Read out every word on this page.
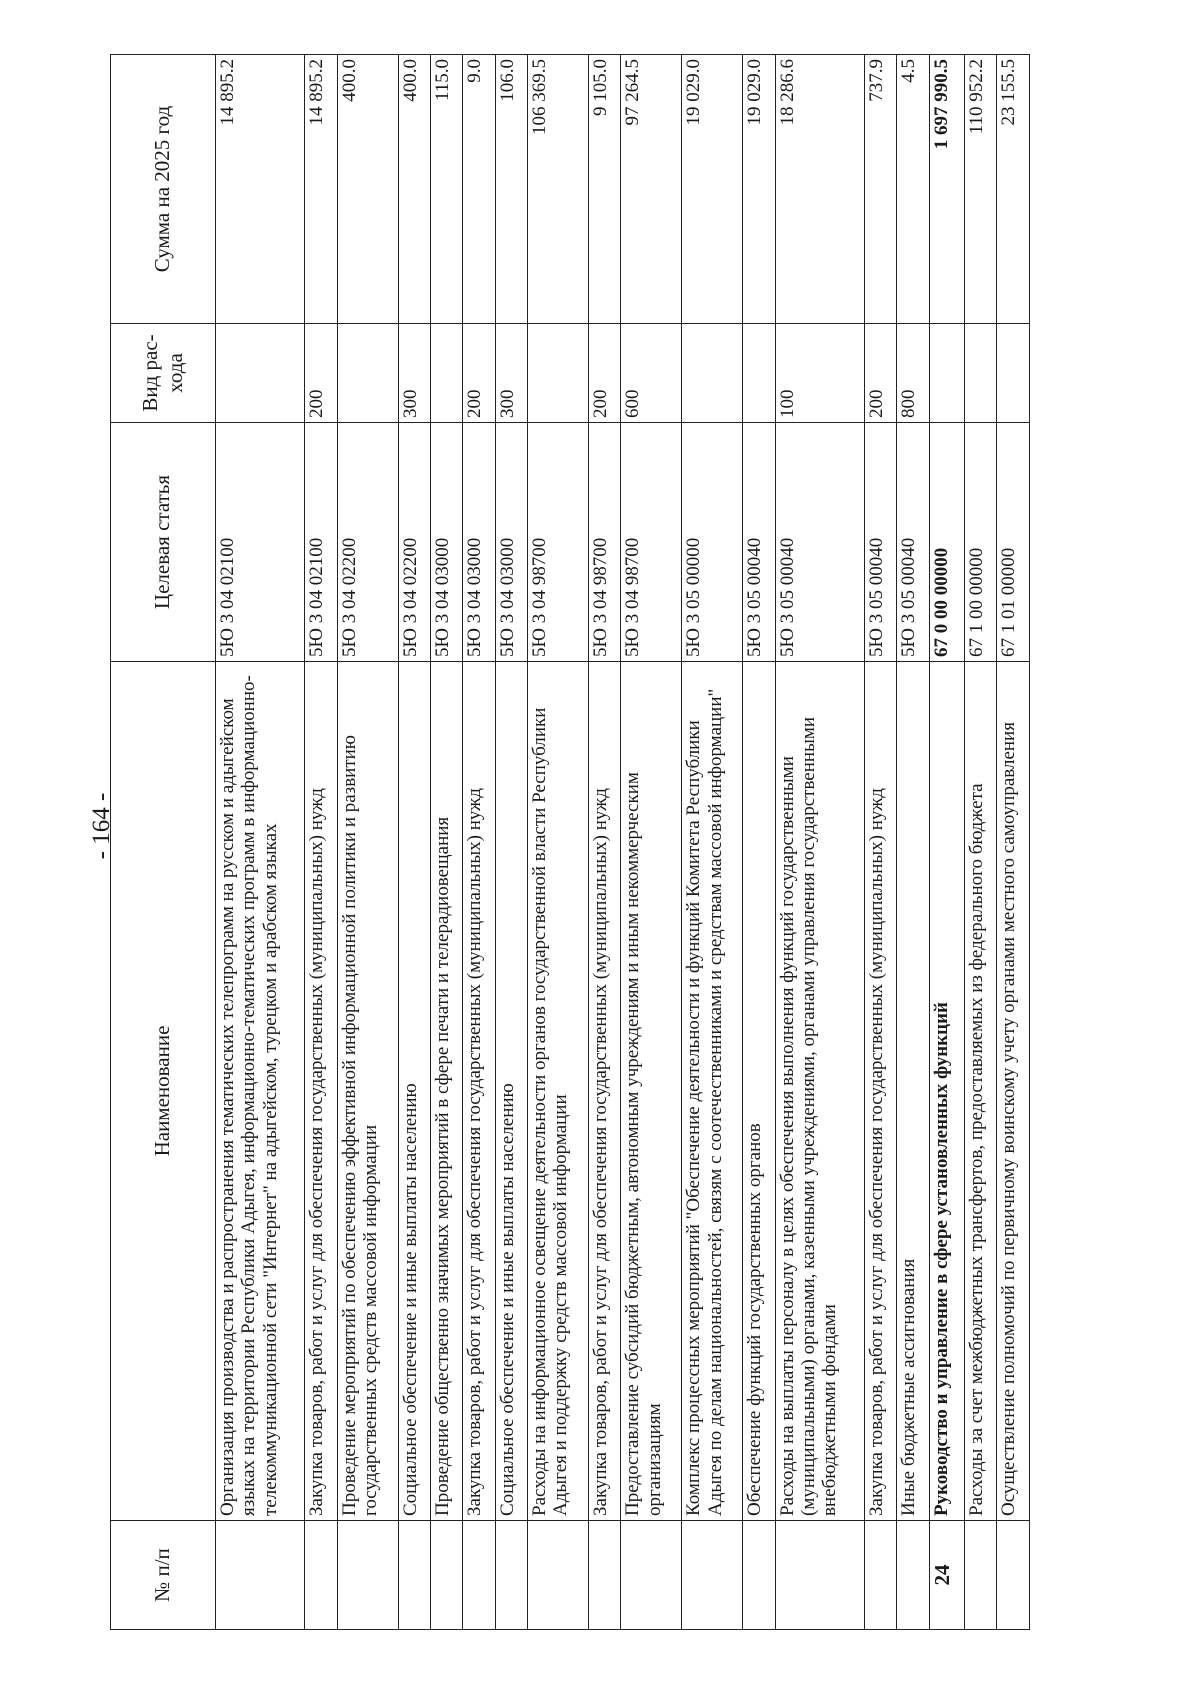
- 164 -
№ п/п	Наименование	Целевая статья	Вид рас- хода	Сумма на 2025 год
	Организация производства и распространения тематических телепрограмм на русском и адыгейском языках на территории Республики Адыгея, информационно-тематических программ в информационно-телекоммуникационной сети "Интернет" на адыгейском, турецком и арабском языках	5Ю 3 04 02100		14 895.2
	Закупка товаров, работ и услуг для обеспечения государственных (муниципальных) нужд	5Ю 3 04 02100	200	14 895.2
	Проведение мероприятий по обеспечению эффективной информационной политики и развитию государственных средств массовой информации	5Ю 3 04 02200		400.0
	Социальное обеспечение и иные выплаты населению	5Ю 3 04 02200	300	400.0
	Проведение общественно значимых мероприятий в сфере печати и телерадиовещания	5Ю 3 04 03000		115.0
	Закупка товаров, работ и услуг для обеспечения государственных (муниципальных) нужд	5Ю 3 04 03000	200	9.0
	Социальное обеспечение и иные выплаты населению	5Ю 3 04 03000	300	106.0
	Расходы на информационное освещение деятельности органов государственной власти Республики Адыгея и поддержку средств массовой информации	5Ю 3 04 98700		106 369.5
	Закупка товаров, работ и услуг для обеспечения государственных (муниципальных) нужд	5Ю 3 04 98700	200	9 105.0
	Предоставление субсидий бюджетным, автономным учреждениям и иным некоммерческим организациям	5Ю 3 04 98700	600	97 264.5
	Комплекс процессных мероприятий "Обеспечение деятельности и функций Комитета Республики Адыгея по делам национальностей, связям с соотечественниками и средствам массовой информации"	5Ю 3 05 00000		19 029.0
	Обеспечение функций государственных органов	5Ю 3 05 00040		19 029.0
	Расходы на выплаты персоналу в целях обеспечения выполнения функций государственными (муниципальными) органами, казенными учреждениями, органами управления государственными внебюджетными фондами	5Ю 3 05 00040	100	18 286.6
	Закупка товаров, работ и услуг для обеспечения государственных (муниципальных) нужд	5Ю 3 05 00040	200	737.9
	Иные бюджетные ассигнования	5Ю 3 05 00040	800	4.5
24	Руководство и управление в сфере установленных функций	67 0 00 00000		1 697 990.5
	Расходы за счет межбюджетных трансфертов, предоставляемых из федерального бюджета	67 1 00 00000		110 952.2
	Осуществление полномочий по первичному воинскому учету органами местного самоуправления	67 1 01 00000		23 155.5
